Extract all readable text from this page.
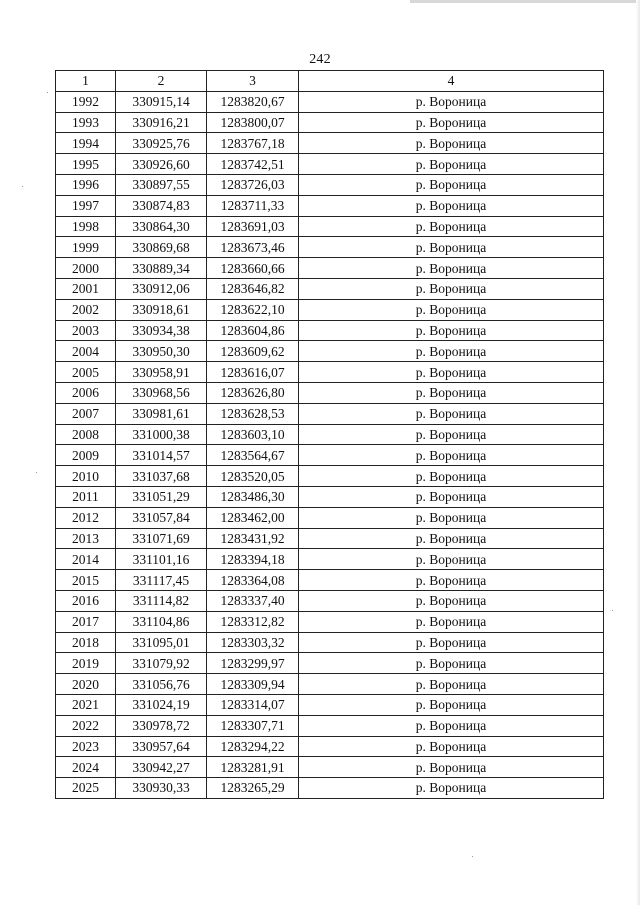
242
1	2	3	4
1992	330915,14	1283820,67	р. Вороница
1993	330916,21	1283800,07	р. Вороница
1994	330925,76	1283767,18	р. Вороница
1995	330926,60	1283742,51	р. Вороница
1996	330897,55	1283726,03	р. Вороница
1997	330874,83	1283711,33	р. Вороница
1998	330864,30	1283691,03	р. Вороница
1999	330869,68	1283673,46	р. Вороница
2000	330889,34	1283660,66	р. Вороница
2001	330912,06	1283646,82	р. Вороница
2002	330918,61	1283622,10	р. Вороница
2003	330934,38	1283604,86	р. Вороница
2004	330950,30	1283609,62	р. Вороница
2005	330958,91	1283616,07	р. Вороница
2006	330968,56	1283626,80	р. Вороница
2007	330981,61	1283628,53	р. Вороница
2008	331000,38	1283603,10	р. Вороница
2009	331014,57	1283564,67	р. Вороница
2010	331037,68	1283520,05	р. Вороница
2011	331051,29	1283486,30	р. Вороница
2012	331057,84	1283462,00	р. Вороница
2013	331071,69	1283431,92	р. Вороница
2014	331101,16	1283394,18	р. Вороница
2015	331117,45	1283364,08	р. Вороница
2016	331114,82	1283337,40	р. Вороница
2017	331104,86	1283312,82	р. Вороница
2018	331095,01	1283303,32	р. Вороница
2019	331079,92	1283299,97	р. Вороница
2020	331056,76	1283309,94	р. Вороница
2021	331024,19	1283314,07	р. Вороница
2022	330978,72	1283307,71	р. Вороница
2023	330957,64	1283294,22	р. Вороница
2024	330942,27	1283281,91	р. Вороница
2025	330930,33	1283265,29	р. Вороница
